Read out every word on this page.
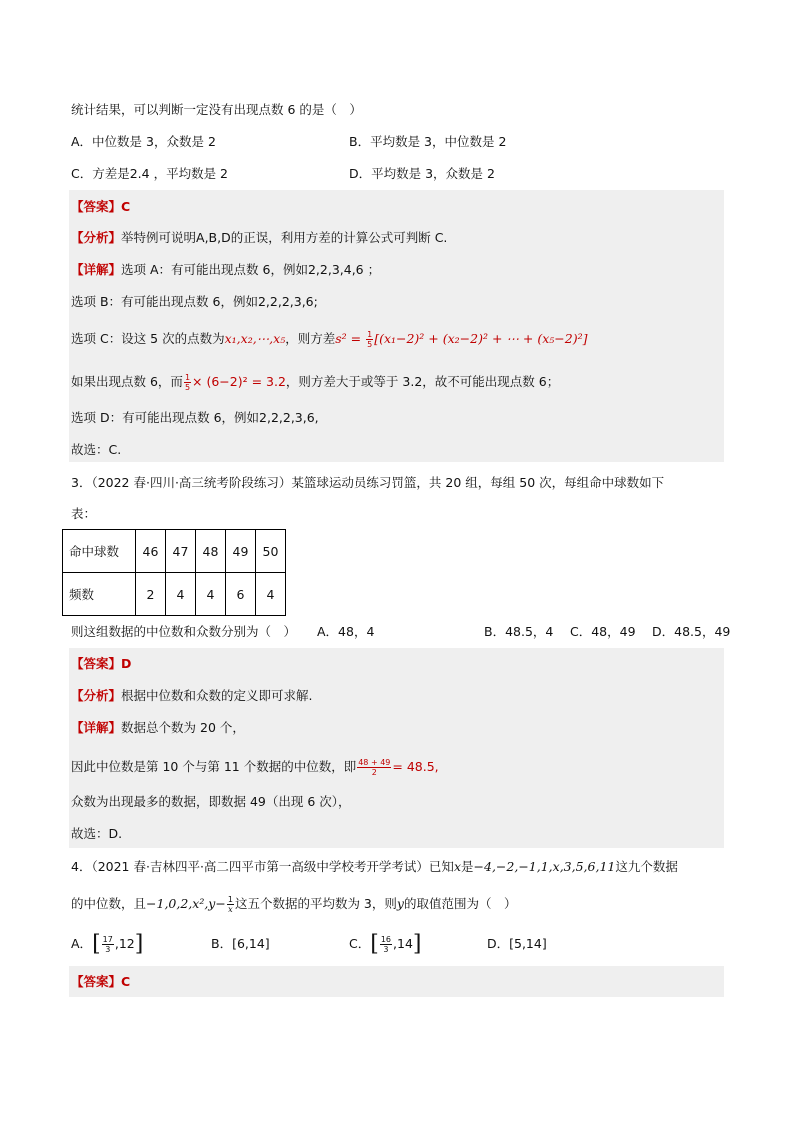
统计结果，可以判断一定没有出现点数 6 的是（　）
A．中位数是 3，众数是 2	B．平均数是 3，中位数是 2
C．方差是2.4 ，平均数是 2	D．平均数是 3，众数是 2
【答案】C
【分析】举特例可说明A,B,D的正误，利用方差的计算公式可判断 C.
【详解】选项 A：有可能出现点数 6，例如2,2,3,4,6 ；
选项 B：有可能出现点数 6，例如2,2,2,3,6;
选项 C：设这 5 次的点数为x₁,x₂,⋯,x₅，则方差$s^2 = \frac{1}{5} [(x_1-2)^2 + (x_2-2)^2$ + ⋯ + (x₅−2)²]
如果出现点数 6，而 $\frac{1}{5} \times (6-2)^2 = 3.2$，则方差大于或等于 3.2，故不可能出现点数 6；
选项 D：有可能出现点数 6，例如2,2,2,3,6,
故选：C.
3．（2022 春·四川·高三统考阶段练习）某篮球运动员练习罚篮，共 20 组，每组 50 次，每组命中球数如下
表：
命中球数	46	47	48	49	50
频数	2	4	4	6	4
则这组数据的中位数和众数分别为（　） A．48，4	B．48.5，4 C．48，49 D．48.5，49
【答案】D
【分析】根据中位数和众数的定义即可求解.
【详解】数据总个数为 20 个，
因此中位数是第 10 个与第 11 个数据的中位数，即 $\frac{48 + 49}{2} = 48.5$,
众数为出现最多的数据，即数据 49（出现 6 次），
故选：D.
4．（2021 春·吉林四平·高二四平市第一高级中学校考开学考试）已知x是−4,−2,−1,1,x,3,5,6,11这九个数据
的中位数，且$-1,0,2,x^2,y- \frac{1}{x}$ 这五个数据的平均数为 3，则y的取值范围为（　）
A．[ $\frac{17}{3} ,12$]	B．[6,14]	C．[ $\frac{16}{3} ,14$]	D．[5,14]
【答案】C
